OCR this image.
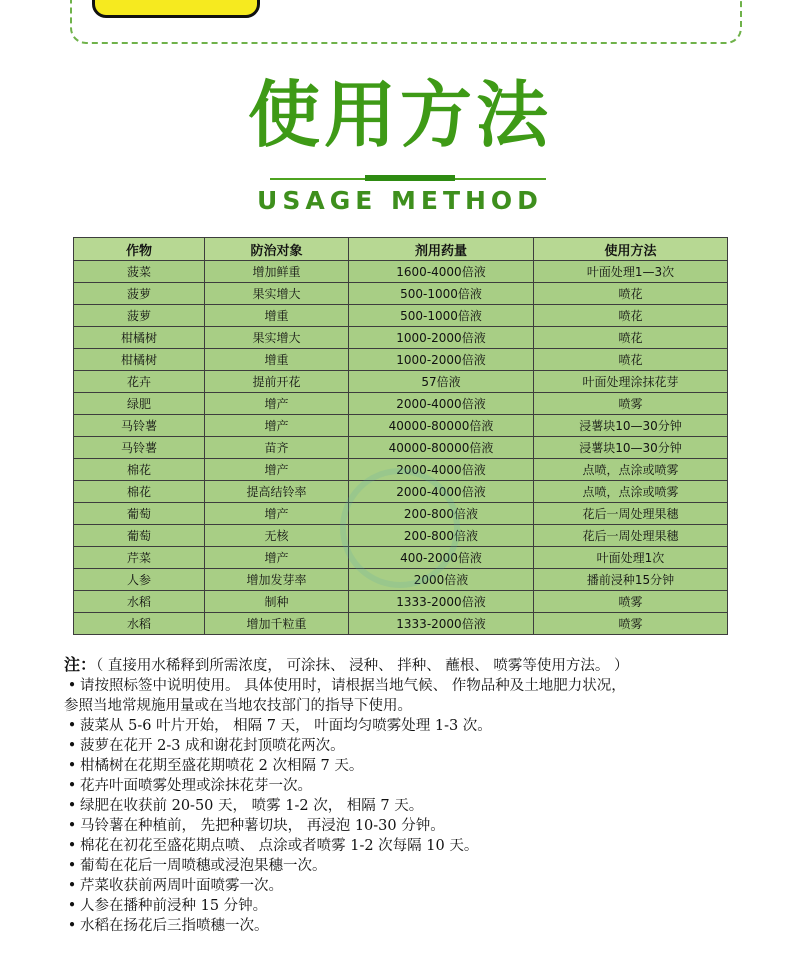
使用方法
USAGE METHOD
作物	防治对象	剂用药量	使用方法
菠菜	增加鲜重	1600-4000倍液	叶面处理1—3次
菠萝	果实增大	500-1000倍液	喷花
菠萝	增重	500-1000倍液	喷花
柑橘树	果实增大	1000-2000倍液	喷花
柑橘树	增重	1000-2000倍液	喷花
花卉	提前开花	57倍液	叶面处理涂抹花芽
绿肥	增产	2000-4000倍液	喷雾
马铃薯	增产	40000-80000倍液	浸薯块10—30分钟
马铃薯	苗齐	40000-80000倍液	浸薯块10—30分钟
棉花	增产	2000-4000倍液	点喷，点涂或喷雾
棉花	提高结铃率	2000-4000倍液	点喷，点涂或喷雾
葡萄	增产	200-800倍液	花后一周处理果穗
葡萄	无核	200-800倍液	花后一周处理果穗
芹菜	增产	400-2000倍液	叶面处理1次
人参	增加发芽率	2000倍液	播前浸种15分钟
水稻	制种	1333-2000倍液	喷雾
水稻	增加千粒重	1333-2000倍液	喷雾

注：（ 直接用水稀释到所需浓度， 可涂抹、 浸种、 拌种、 蘸根、 喷雾等使用方法。 ）

• 请按照标签中说明使用。 具体使用时，请根据当地气候、 作物品种及土地肥力状况，

参照当地常规施用量或在当地农技部门的指导下使用。

• 菠菜从 5-6 叶片开始， 相隔 7 天， 叶面均匀喷雾处理 1-3 次。

• 菠萝在花开 2-3 成和谢花封顶喷花两次。

• 柑橘树在花期至盛花期喷花 2 次相隔 7 天。

• 花卉叶面喷雾处理或涂抹花芽一次。

• 绿肥在收获前 20-50 天， 喷雾 1-2 次， 相隔 7 天。

• 马铃薯在种植前， 先把种薯切块， 再浸泡 10-30 分钟。

• 棉花在初花至盛花期点喷、 点涂或者喷雾 1-2 次每隔 10 天。

• 葡萄在花后一周喷穗或浸泡果穗一次。

• 芹菜收获前两周叶面喷雾一次。

• 人参在播种前浸种 15 分钟。

• 水稻在扬花后三指喷穗一次。
